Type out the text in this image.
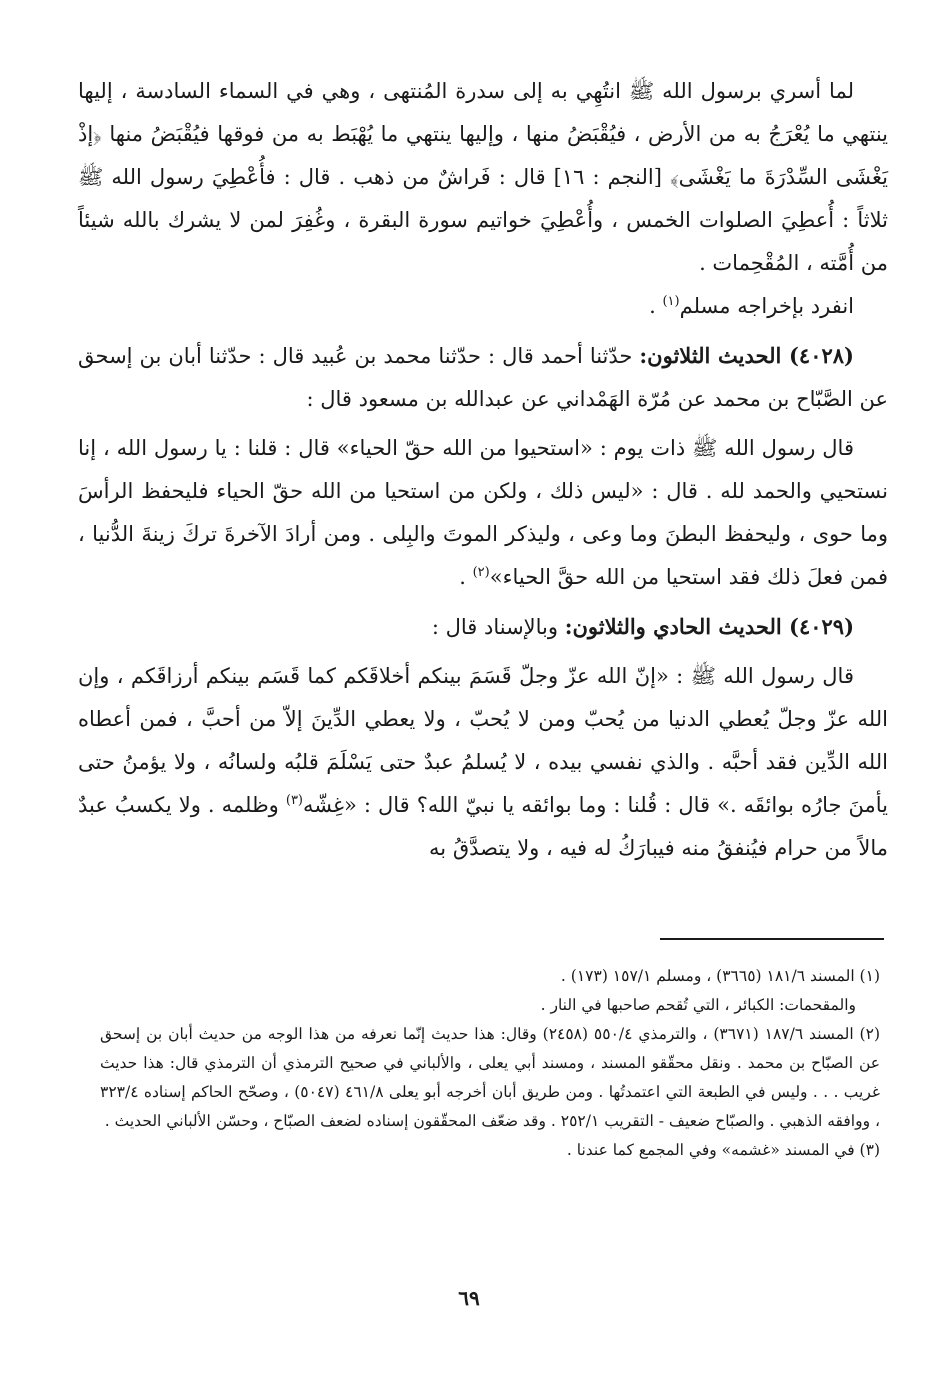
لما أسري برسول الله ﷺ انتُهِي به إلى سدرة المُنتهى ، وهي في السماء السادسة ، إليها ينتهي ما يُعْرَجُ به من الأرض ، فيُقْبَضُ منها ، وإليها ينتهي ما يُهْبَط به من فوقها فيُقْبَضُ منها ﴿إذْ يَغْشَى السِّدْرَةَ ما يَغْشَى﴾ [النجم : ١٦] قال : فَراشٌ من ذهب . قال : فأُعْطِيَ رسول الله ﷺ ثلاثاً : أُعطِيَ الصلوات الخمس ، وأُعْطِيَ خواتيم سورة البقرة ، وغُفِرَ لمن لا يشرك بالله شيئاً من أُمَّته ، المُقْحِمات .

انفرد بإخراجه مسلم$^{(١)}$ .

(٤٠٢٨) الحديث الثلاثون: حدّثنا أحمد قال : حدّثنا محمد بن عُبيد قال : حدّثنا أبان بن إسحق عن الصَّبّاح بن محمد عن مُرّة الهَمْداني عن عبدالله بن مسعود قال :

قال رسول الله ﷺ ذات يوم : «استحيوا من الله حقّ الحياء» قال : قلنا : يا رسول الله ، إنا نستحيي والحمد لله . قال : «ليس ذلك ، ولكن من استحيا من الله حقّ الحياء فليحفظ الرأسَ وما حوى ، وليحفظ البطنَ وما وعى ، وليذكر الموتَ والبِلى . ومن أرادَ الآخرةَ تركَ زينةَ الدُّنيا ، فمن فعلَ ذلك فقد استحيا من الله حقَّ الحياء»$^{(٢)}$ .

(٤٠٢٩) الحديث الحادي والثلاثون: وبالإسناد قال :

قال رسول الله ﷺ : «إنّ الله عزّ وجلّ قَسَمَ بينكم أخلاقَكم كما قَسَم بينكم أرزاقَكم ، وإن الله عزّ وجلّ يُعطي الدنيا من يُحبّ ومن لا يُحبّ ، ولا يعطي الدِّينَ إلاّ من أحبَّ ، فمن أعطاه الله الدِّين فقد أحبَّه . والذي نفسي بيده ، لا يُسلمُ عبدٌ حتى يَسْلَمَ قلبُه ولسانُه ، ولا يؤمنُ حتى يأمنَ جارُه بوائقَه .» قال : قُلنا : وما بوائقه يا نبيّ الله؟ قال : «غِشّه$^{(٣)}$ وظلمه . ولا يكسبُ عبدٌ مالاً من حرام فيُنفقُ منه فيبارَكُ له فيه ، ولا يتصدَّقُ به

(١) المسند ١٨١/٦ (٣٦٦٥) ، ومسلم ١٥٧/١ (١٧٣) .

والمقحمات: الكبائر ، التي تُقحم صاحبها في النار .

(٢) المسند ١٨٧/٦ (٣٦٧١) ، والترمذي ٥٥٠/٤ (٢٤٥٨) وقال: هذا حديث إنّما نعرفه من هذا الوجه من حديث أبان بن إسحق عن الصبّاح بن محمد . ونقل محقّقو المسند ، ومسند أبي يعلى ، والألباني في صحيح الترمذي أن الترمذي قال: هذا حديث غريب . . . وليس في الطبعة التي اعتمدتُها . ومن طريق أبان أخرجه أبو يعلى ٤٦١/٨ (٥٠٤٧) ، وصحّح الحاكم إسناده ٣٢٣/٤ ، ووافقه الذهبي . والصبّاح ضعيف - التقريب ٢٥٢/١ . وقد ضعّف المحقّقون إسناده لضعف الصبّاح ، وحسّن الألباني الحديث .

(٣) في المسند «غشمه» وفي المجمع كما عندنا .

٦٩
